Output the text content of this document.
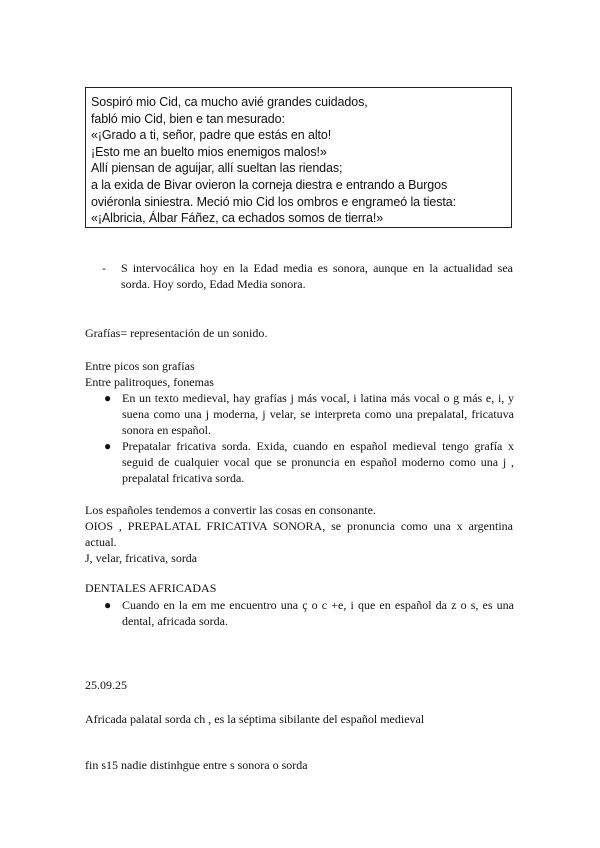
Sospiró mio Cid, ca mucho avié grandes cuidados,
fabló mio Cid, bien e tan mesurado:
«¡Grado a ti, señor, padre que estás en alto!
¡Esto me an buelto mios enemigos malos!»
Allí piensan de aguijar, allí sueltan las riendas;
a la exida de Bivar ovieron la corneja diestra e entrando a Burgos
oviéronla siniestra. Meció mio Cid los ombros e engrameó la tiesta:
«¡Albricia, Álbar Fáñez, ca echados somos de tierra!»
- S intervocálica hoy en la Edad media es sonora, aunque en la actualidad sea sorda. Hoy sordo, Edad Media sonora.
Grafías= representación de un sonido.
Entre picos son grafías
Entre palitroques, fonemas
● En un texto medieval, hay grafías j más vocal, i latina más vocal o g más e, i, y suena como una j moderna, j velar, se interpreta como una prepalatal, fricatuva sonora en español.
● Prepatalar fricativa sorda. Exida, cuando en español medieval tengo grafía x seguid de cualquier vocal que se pronuncia en español moderno como una j , prepalatal fricativa sorda.
Los españoles tendemos a convertir las cosas en consonante.
OIOS , PREPALATAL FRICATIVA SONORA, se pronuncia como una x argentina actual.
J, velar, fricativa, sorda
DENTALES AFRICADAS
● Cuando en la em me encuentro una ç o c +e, i que en español da z o s, es una dental, africada sorda.
25.09.25
Africada palatal sorda ch , es la séptima sibilante del español medieval
fin s15 nadie distinhgue entre s sonora o sorda
